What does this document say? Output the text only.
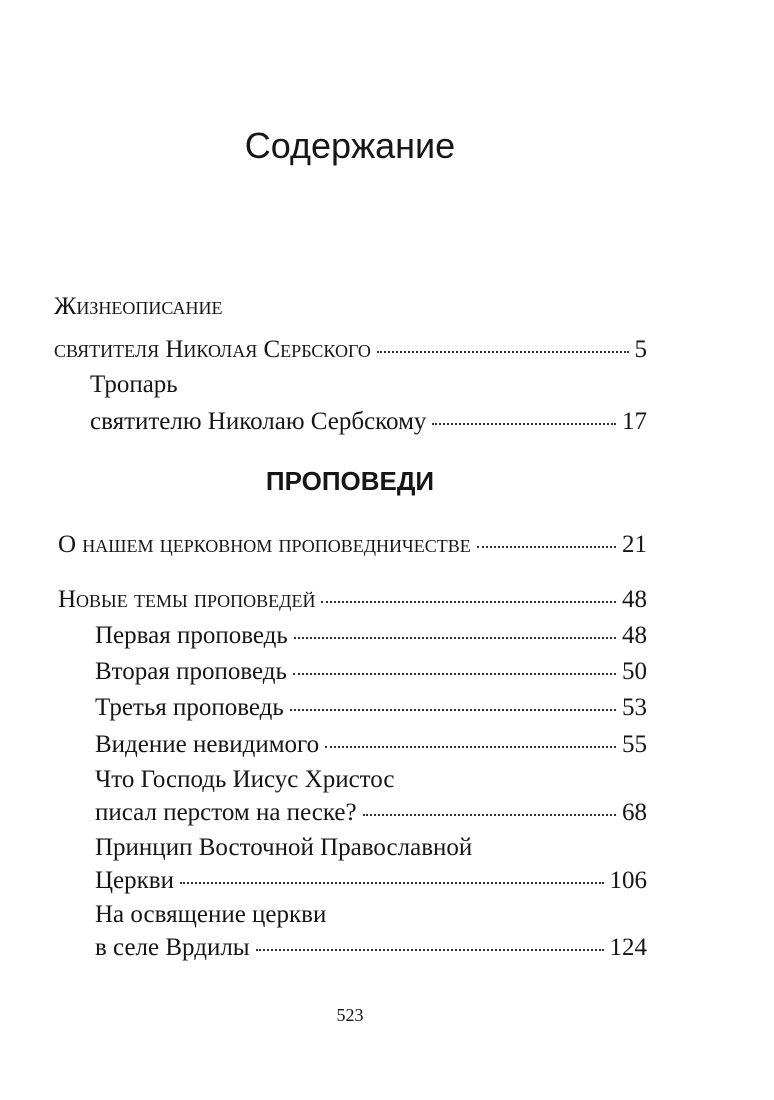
Содержание
Жизнеописание
святителя Николая Сербского	5
Тропарь
святителю Николаю Сербскому	17
ПРОПОВЕДИ
О нашем церковном проповедничестве	21
Новые темы проповедей	48
Первая проповедь	48
Вторая проповедь	50
Третья проповедь	53
Видение невидимого	55
Что Господь Иисус Христос
писал перстом на песке?	68
Принцип Восточной Православной
Церкви	106
На освящение церкви
в селе Врдилы	124
523
